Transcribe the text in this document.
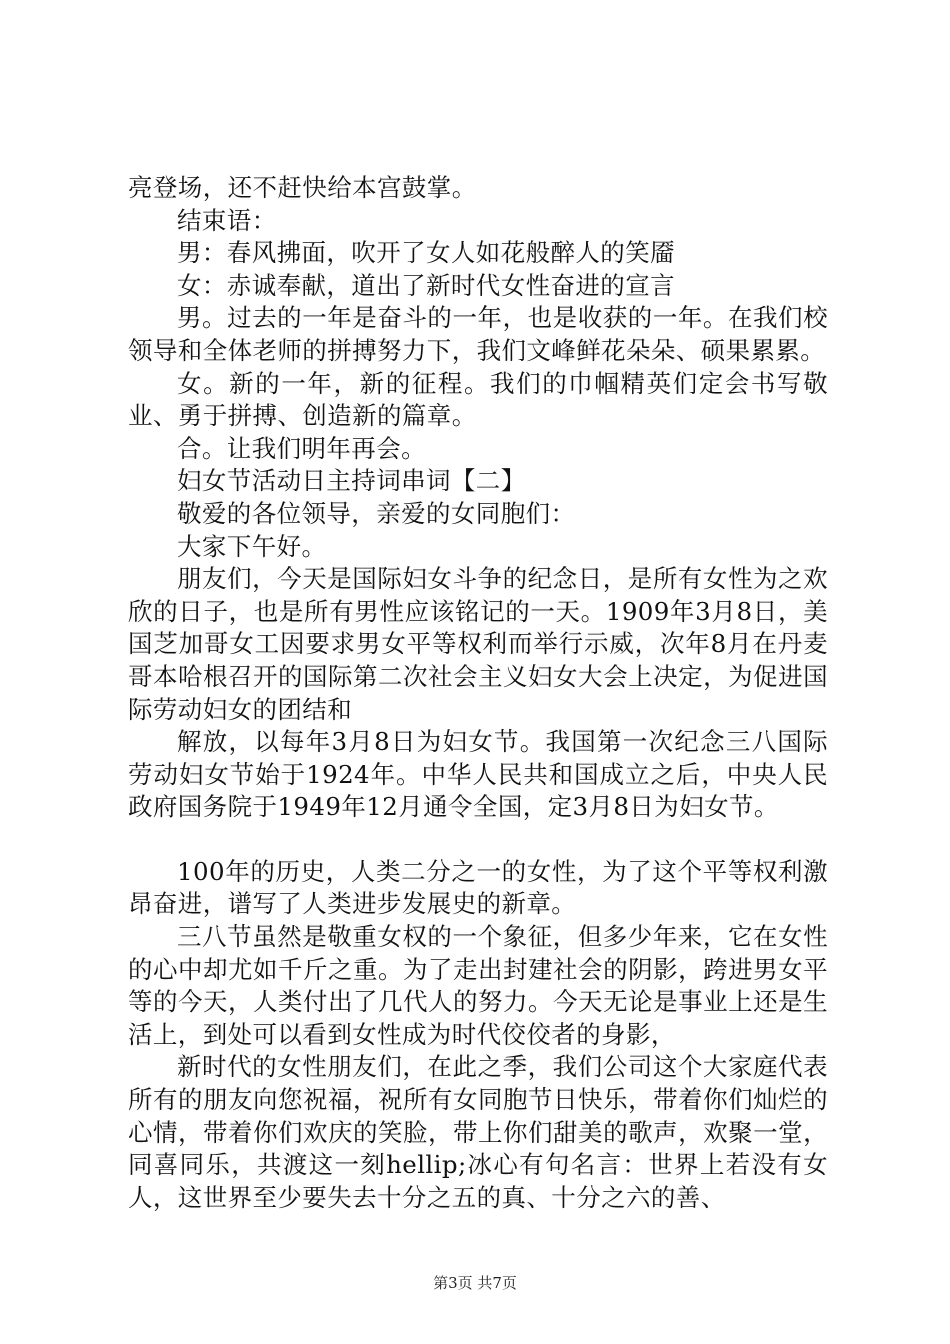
亮登场，还不赶快给本宫鼓掌。

结束语：

男：春风拂面，吹开了女人如花般醉人的笑靥

女：赤诚奉献，道出了新时代女性奋进的宣言

男。过去的一年是奋斗的一年，也是收获的一年。在我们校领导和全体老师的拼搏努力下，我们文峰鲜花朵朵、硕果累累。

女。新的一年，新的征程。我们的巾帼精英们定会书写敬业、勇于拼搏、创造新的篇章。

合。让我们明年再会。

妇女节活动日主持词串词【二】

敬爱的各位领导，亲爱的女同胞们：

大家下午好。

朋友们，今天是国际妇女斗争的纪念日，是所有女性为之欢欣的日子，也是所有男性应该铭记的一天。1909年3月8日，美国芝加哥女工因要求男女平等权利而举行示威，次年8月在丹麦哥本哈根召开的国际第二次社会主义妇女大会上决定，为促进国际劳动妇女的团结和

解放，以每年3月8日为妇女节。我国第一次纪念三八国际劳动妇女节始于1924年。中华人民共和国成立之后，中央人民政府国务院于1949年12月通令全国，定3月8日为妇女节。

100年的历史，人类二分之一的女性，为了这个平等权利激昂奋进，谱写了人类进步发展史的新章。

三八节虽然是敬重女权的一个象征，但多少年来，它在女性的心中却尤如千斤之重。为了走出封建社会的阴影，跨进男女平等的今天，人类付出了几代人的努力。今天无论是事业上还是生活上，到处可以看到女性成为时代佼佼者的身影，

新时代的女性朋友们，在此之季，我们公司这个大家庭代表所有的朋友向您祝福，祝所有女同胞节日快乐，带着你们灿烂的心情，带着你们欢庆的笑脸，带上你们甜美的歌声，欢聚一堂，同喜同乐，共渡这一刻hellip;冰心有句名言：世界上若没有女人，这世界至少要失去十分之五的真、十分之六的善、

第3页 共7页
